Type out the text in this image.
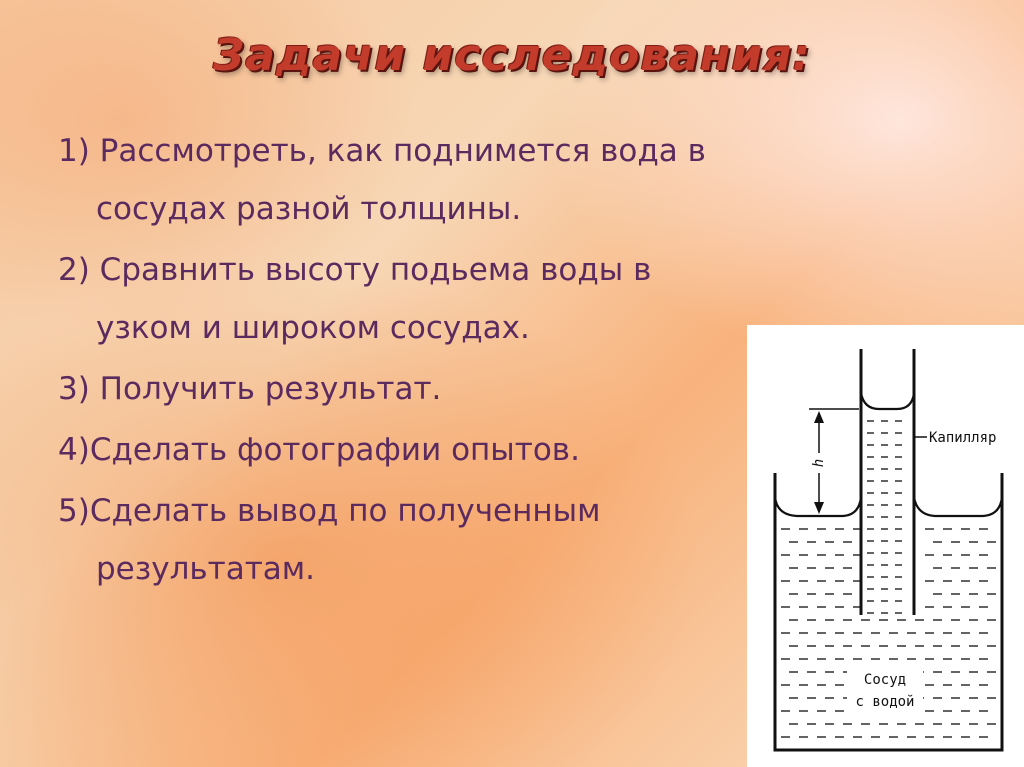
Задачи исследования:
1) Рассмотреть, как поднимется вода в сосудах разной толщины.
2) Сравнить высоту подьема воды в узком и широком сосудах.
3) Получить результат.
4)Сделать фотографии опытов.
5)Сделать вывод по полученным результатам.
h
Капилляр
Сосуд
с водой
